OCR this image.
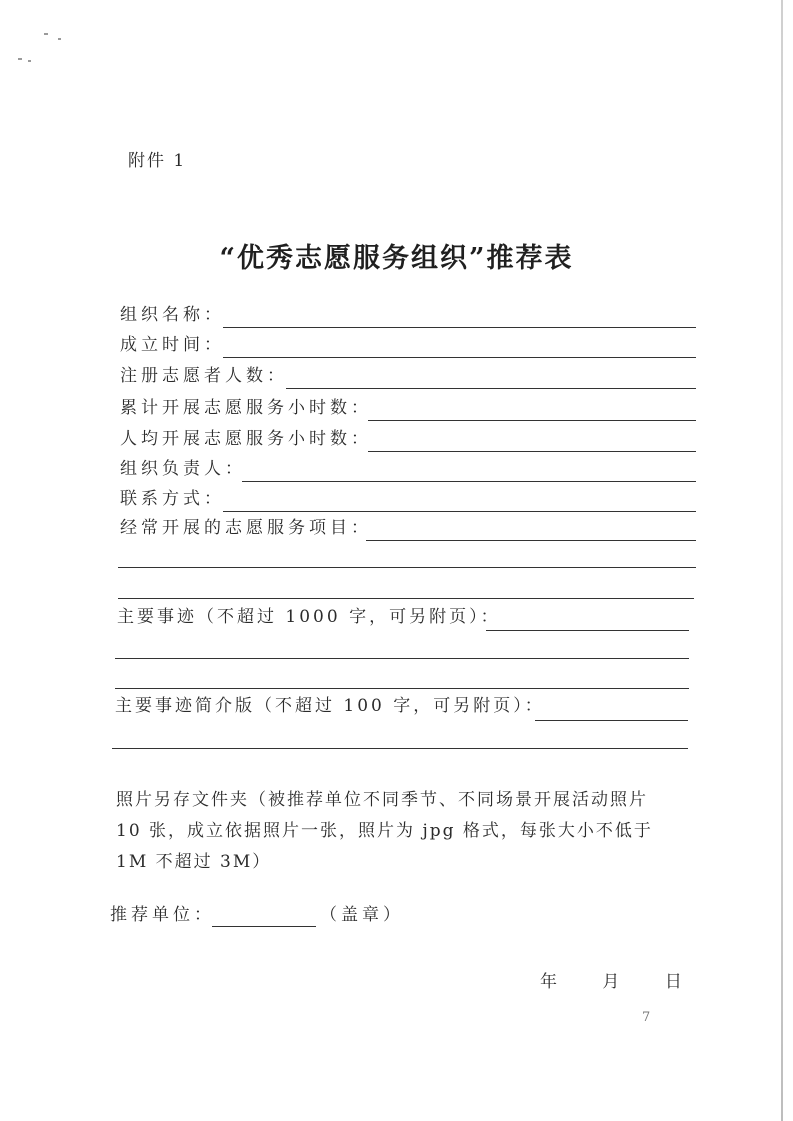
附件 1
“优秀志愿服务组织”推荐表
组织名称：
成立时间：
注册志愿者人数：
累计开展志愿服务小时数：
人均开展志愿服务小时数：
组织负责人：
联系方式：
经常开展的志愿服务项目：
主要事迹（不超过 1000 字，可另附页）：
主要事迹简介版（不超过 100 字，可另附页）：
照片另存文件夹（被推荐单位不同季节、不同场景开展活动照片
10 张，成立依据照片一张，照片为 jpg 格式，每张大小不低于
1M 不超过 3M）
推荐单位：	（盖章）
年	月	日
7
